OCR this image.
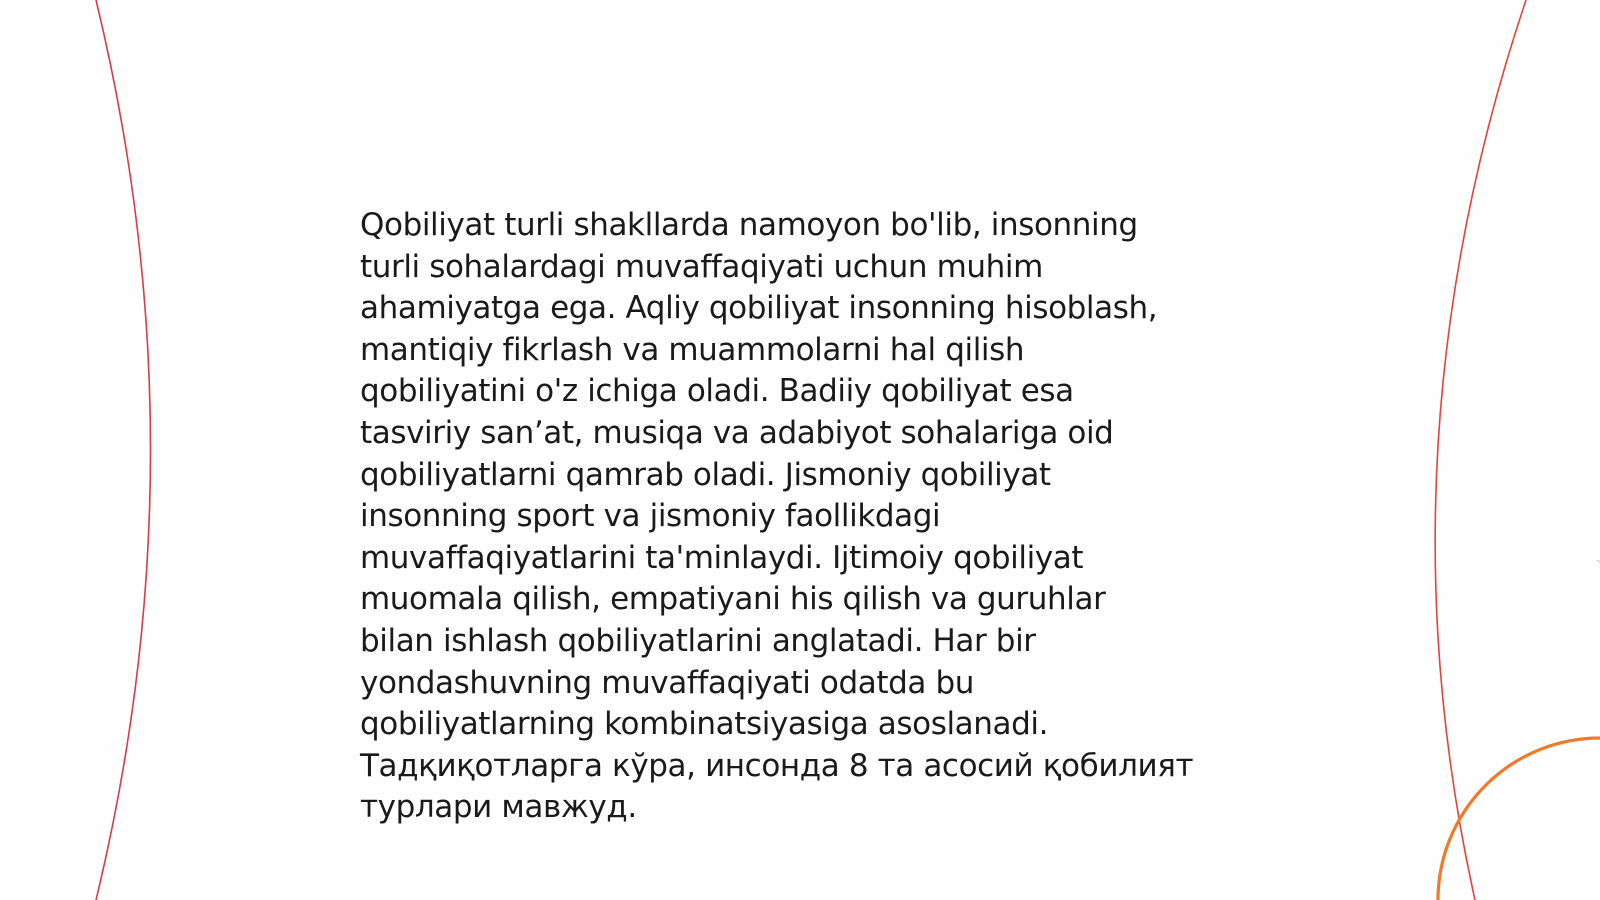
Qobiliyat turli shakllarda namoyon bo'lib, insonning
turli sohalardagi muvaffaqiyati uchun muhim
ahamiyatga ega. Aqliy qobiliyat insonning hisoblash,
mantiqiy fikrlash va muammolarni hal qilish
qobiliyatini o'z ichiga oladi. Badiiy qobiliyat esa
tasviriy san’at, musiqa va adabiyot sohalariga oid
qobiliyatlarni qamrab oladi. Jismoniy qobiliyat
insonning sport va jismoniy faollikdagi
muvaffaqiyatlarini ta'minlaydi. Ijtimoiy qobiliyat
muomala qilish, empatiyani his qilish va guruhlar
bilan ishlash qobiliyatlarini anglatadi. Har bir
yondashuvning muvaffaqiyati odatda bu
qobiliyatlarning kombinatsiyasiga asoslanadi.
Тадқиқотларга кўра, инсонда 8 та асосий қобилият
турлари мавжуд.
